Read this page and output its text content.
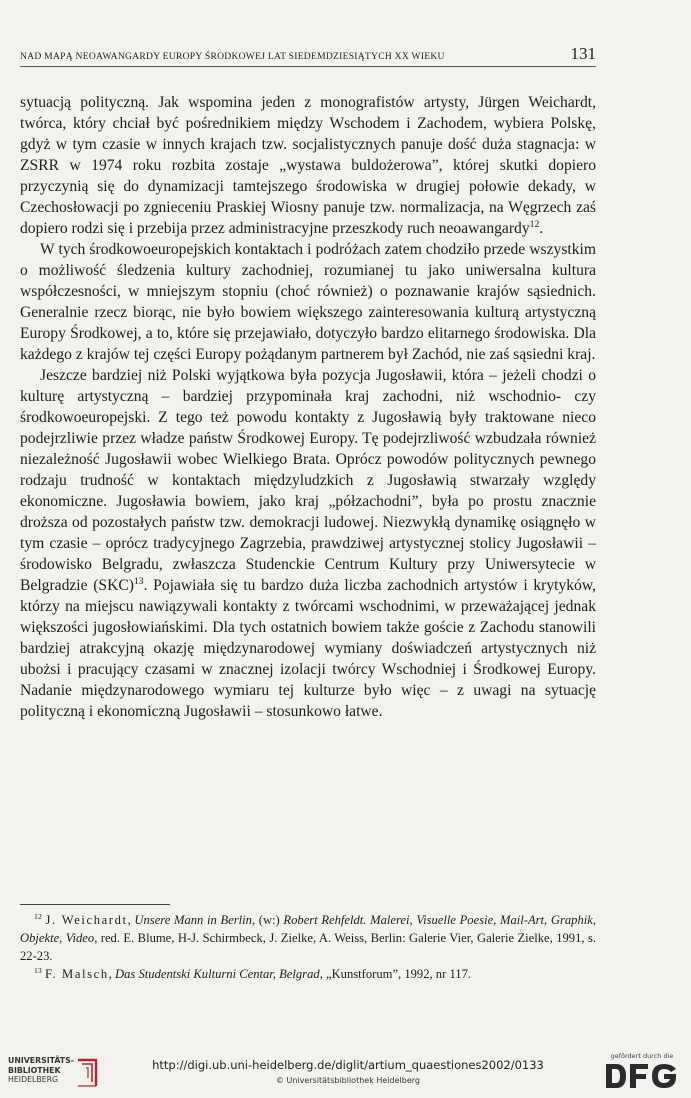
NAD MAPĄ NEOAWANGARDY EUROPY ŚRODKOWEJ LAT SIEDEMDZIESIĄTYCH XX WIEKU	131

sytuacją polityczną. Jak wspomina jeden z monografistów artysty, Jürgen Weichardt, twórca, który chciał być pośrednikiem między Wschodem i Zachodem, wybiera Polskę, gdyż w tym czasie w innych krajach tzw. socjalistycznych panuje dość duża stagnacja: w ZSRR w 1974 roku rozbita zostaje „wystawa buldożerowa”, której skutki dopiero przyczynią się do dynamizacji tamtejszego środowiska w drugiej połowie dekady, w Czechosłowacji po zgnieceniu Praskiej Wiosny panuje tzw. normalizacja, na Węgrzech zaś dopiero rodzi się i przebija przez administracyjne przeszkody ruch neoawangardy$^{12}$.

W tych środkowoeuropejskich kontaktach i podróżach zatem chodziło przede wszystkim o możliwość śledzenia kultury zachodniej, rozumianej tu jako uniwersalna kultura współczesności, w mniejszym stopniu (choć również) o poznawanie krajów sąsiednich. Generalnie rzecz biorąc, nie było bowiem większego zainteresowania kulturą artystyczną Europy Środkowej, a to, które się przejawiało, dotyczyło bardzo elitarnego środowiska. Dla każdego z krajów tej części Europy pożądanym partnerem był Zachód, nie zaś sąsiedni kraj.

Jeszcze bardziej niż Polski wyjątkowa była pozycja Jugosławii, która – jeżeli chodzi o kulturę artystyczną – bardziej przypominała kraj zachodni, niż wschodnio- czy środkowoeuropejski. Z tego też powodu kontakty z Jugosławią były traktowane nieco podejrzliwie przez władze państw Środkowej Europy. Tę podejrzliwość wzbudzała również niezależność Jugosławii wobec Wielkiego Brata. Oprócz powodów politycznych pewnego rodzaju trudność w kontaktach międzyludzkich z Jugosławią stwarzały względy ekonomiczne. Jugosławia bowiem, jako kraj „półzachodni”, była po prostu znacznie droższa od pozostałych państw tzw. demokracji ludowej. Niezwykłą dynamikę osiągnęło w tym czasie – oprócz tradycyjnego Zagrzebia, prawdziwej artystycznej stolicy Jugosławii – środowisko Belgradu, zwłaszcza Studenckie Centrum Kultury przy Uniwersytecie w Belgradzie (SKC)$^{13}$. Pojawiała się tu bardzo duża liczba zachodnich artystów i krytyków, którzy na miejscu nawiązywali kontakty z twórcami wschodnimi, w przeważającej jednak większości jugosłowiańskimi. Dla tych ostatnich bowiem także goście z Zachodu stanowili bardziej atrakcyjną okazję międzynarodowej wymiany doświadczeń artystycznych niż ubożsi i pracujący czasami w znacznej izolacji twórcy Wschodniej i Środkowej Europy. Nadanie międzynarodowego wymiaru tej kulturze było więc – z uwagi na sytuację polityczną i ekonomiczną Jugosławii – stosunkowo łatwe.

$^{12}$ J. Weichardt, Unsere Mann in Berlin, (w:) Robert Rehfeldt. Malerei, Visuelle Poesie, Mail-Art, Graphik, Objekte, Video, red. E. Blume, H-J. Schirmbeck, J. Zielke, A. Weiss, Berlin: Galerie Vier, Galerie Zielke, 1991, s. 22-23.

$^{13}$ F. Malsch, Das Studentski Kulturni Centar, Belgrad, „Kunstforum”, 1992, nr 117.

UNIVERSITÄTS-
BIBLIOTHEK
HEIDELBERG
http://digi.ub.uni-heidelberg.de/diglit/artium_quaestiones2002/0133
© Universitätsbibliothek Heidelberg
gefördert durch die
